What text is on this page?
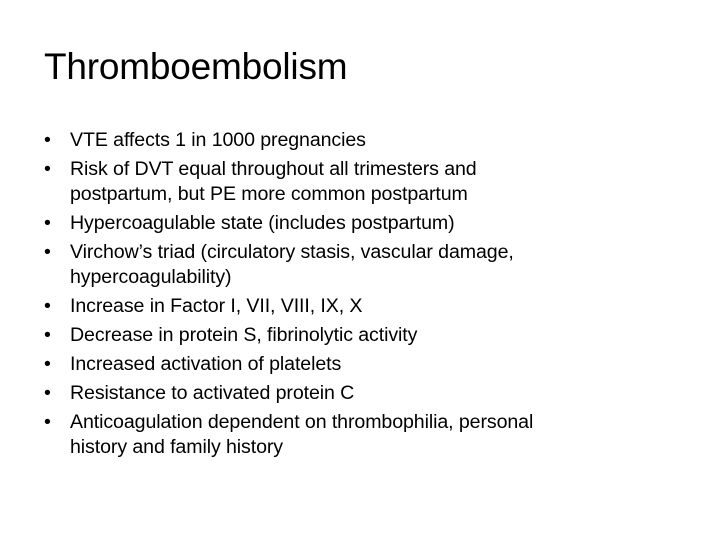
Thromboembolism
• VTE affects 1 in 1000 pregnancies
• Risk of DVT equal throughout all trimesters and
postpartum, but PE more common postpartum
• Hypercoagulable state (includes postpartum)
• Virchow’s triad (circulatory stasis, vascular damage,
hypercoagulability)
• Increase in Factor I, VII, VIII, IX, X
• Decrease in protein S, fibrinolytic activity
• Increased activation of platelets
• Resistance to activated protein C
• Anticoagulation dependent on thrombophilia, personal
history and family history
